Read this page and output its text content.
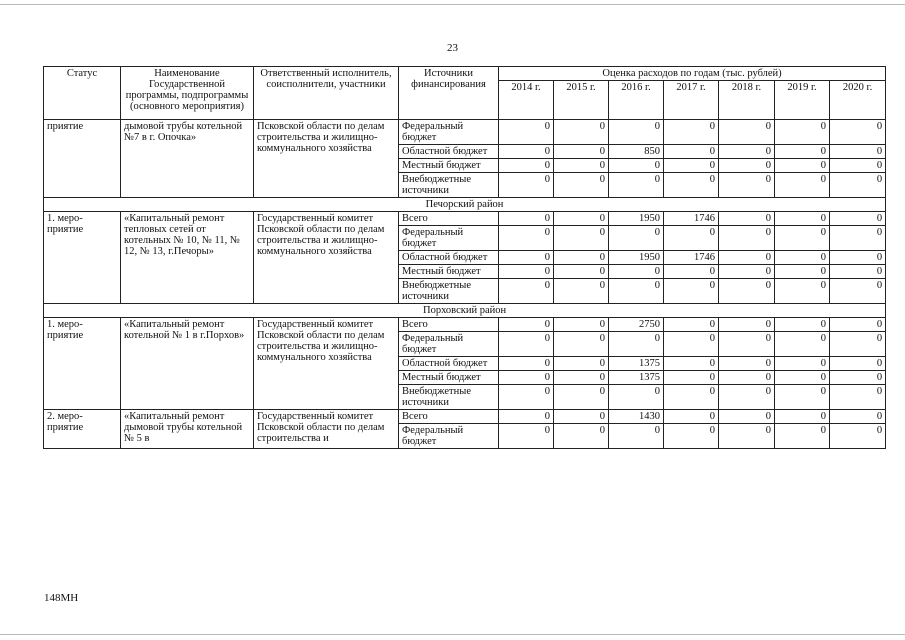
23
Статус	Наименование Государственной программы, подпрограммы (основного мероприятия)	Ответственный исполнитель, соисполнители, участники	Источники финансирования	Оценка расходов по годам (тыс. рублей)						
				2014 г.	2015 г.	2016 г.	2017 г.	2018 г.	2019 г.	2020 г.
приятие	дымовой трубы котельной №7 в г. Опочка»	Псковской области по делам строительства и жилищно-коммунального хозяйства	Федеральный бюджет	0	0	0	0	0	0	0
			Областной бюджет	0	0	850	0	0	0	0
			Местный бюджет	0	0	0	0	0	0	0
			Внебюджетные источники	0	0	0	0	0	0	0
Печорский район										
1. меро- приятие	«Капитальный ремонт тепловых сетей от котельных № 10, № 11, № 12, № 13, г.Печоры»	Государственный комитет Псковской области по делам строительства и жилищно-коммунального хозяйства	Всего	0	0	1950	1746	0	0	0
			Федеральный бюджет	0	0	0	0	0	0	0
			Областной бюджет	0	0	1950	1746	0	0	0
			Местный бюджет	0	0	0	0	0	0	0
			Внебюджетные источники	0	0	0	0	0	0	0
Порховский район										
1. меро- приятие	«Капитальный ремонт котельной № 1 в г.Порхов»	Государственный комитет Псковской области по делам строительства и жилищно-коммунального хозяйства	Всего	0	0	2750	0	0	0	0
			Федеральный бюджет	0	0	0	0	0	0	0
			Областной бюджет	0	0	1375	0	0	0	0
			Местный бюджет	0	0	1375	0	0	0	0
			Внебюджетные источники	0	0	0	0	0	0	0
2. меро- приятие	«Капитальный ремонт дымовой трубы котельной № 5 в	Государственный комитет Псковской области по делам строительства и	Всего	0	0	1430	0	0	0	0
			Федеральный бюджет	0	0	0	0	0	0	0
148МН
